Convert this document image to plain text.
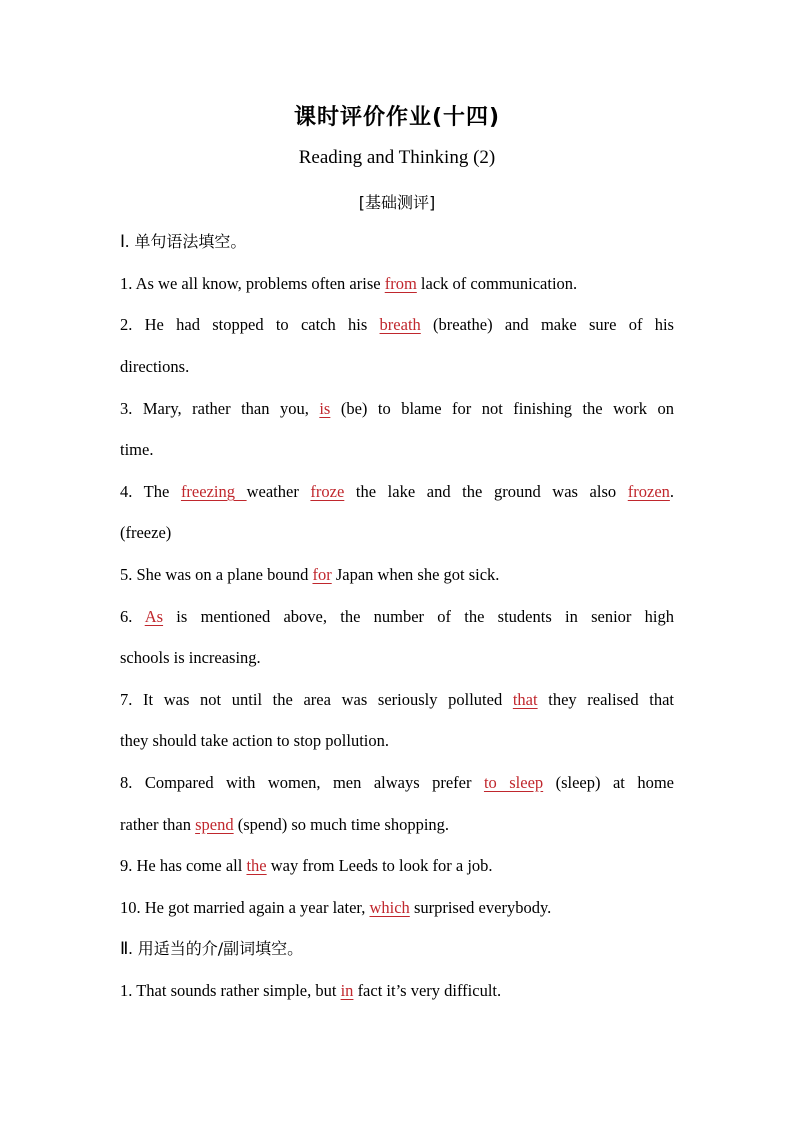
课时评价作业(十四)
Reading and Thinking (2)
[基础测评]
Ⅰ. 单句语法填空。
1. As we all know, problems often arise from lack of communication.
2. He had stopped to catch his breath (breathe) and make sure of his
directions.
3. Mary, rather than you, is (be) to blame for not finishing the work on
time.
4. The freezing weather froze the lake and the ground was also frozen.
(freeze)
5. She was on a plane bound for Japan when she got sick.
6. As is mentioned above, the number of the students in senior high
schools is increasing.
7. It was not until the area was seriously polluted that they realised that
they should take action to stop pollution.
8. Compared with women, men always prefer to sleep (sleep) at home
rather than spend (spend) so much time shopping.
9. He has come all the way from Leeds to look for a job.
10. He got married again a year later, which surprised everybody.
Ⅱ. 用适当的介/副词填空。
1. That sounds rather simple, but in fact it’s very difficult.
